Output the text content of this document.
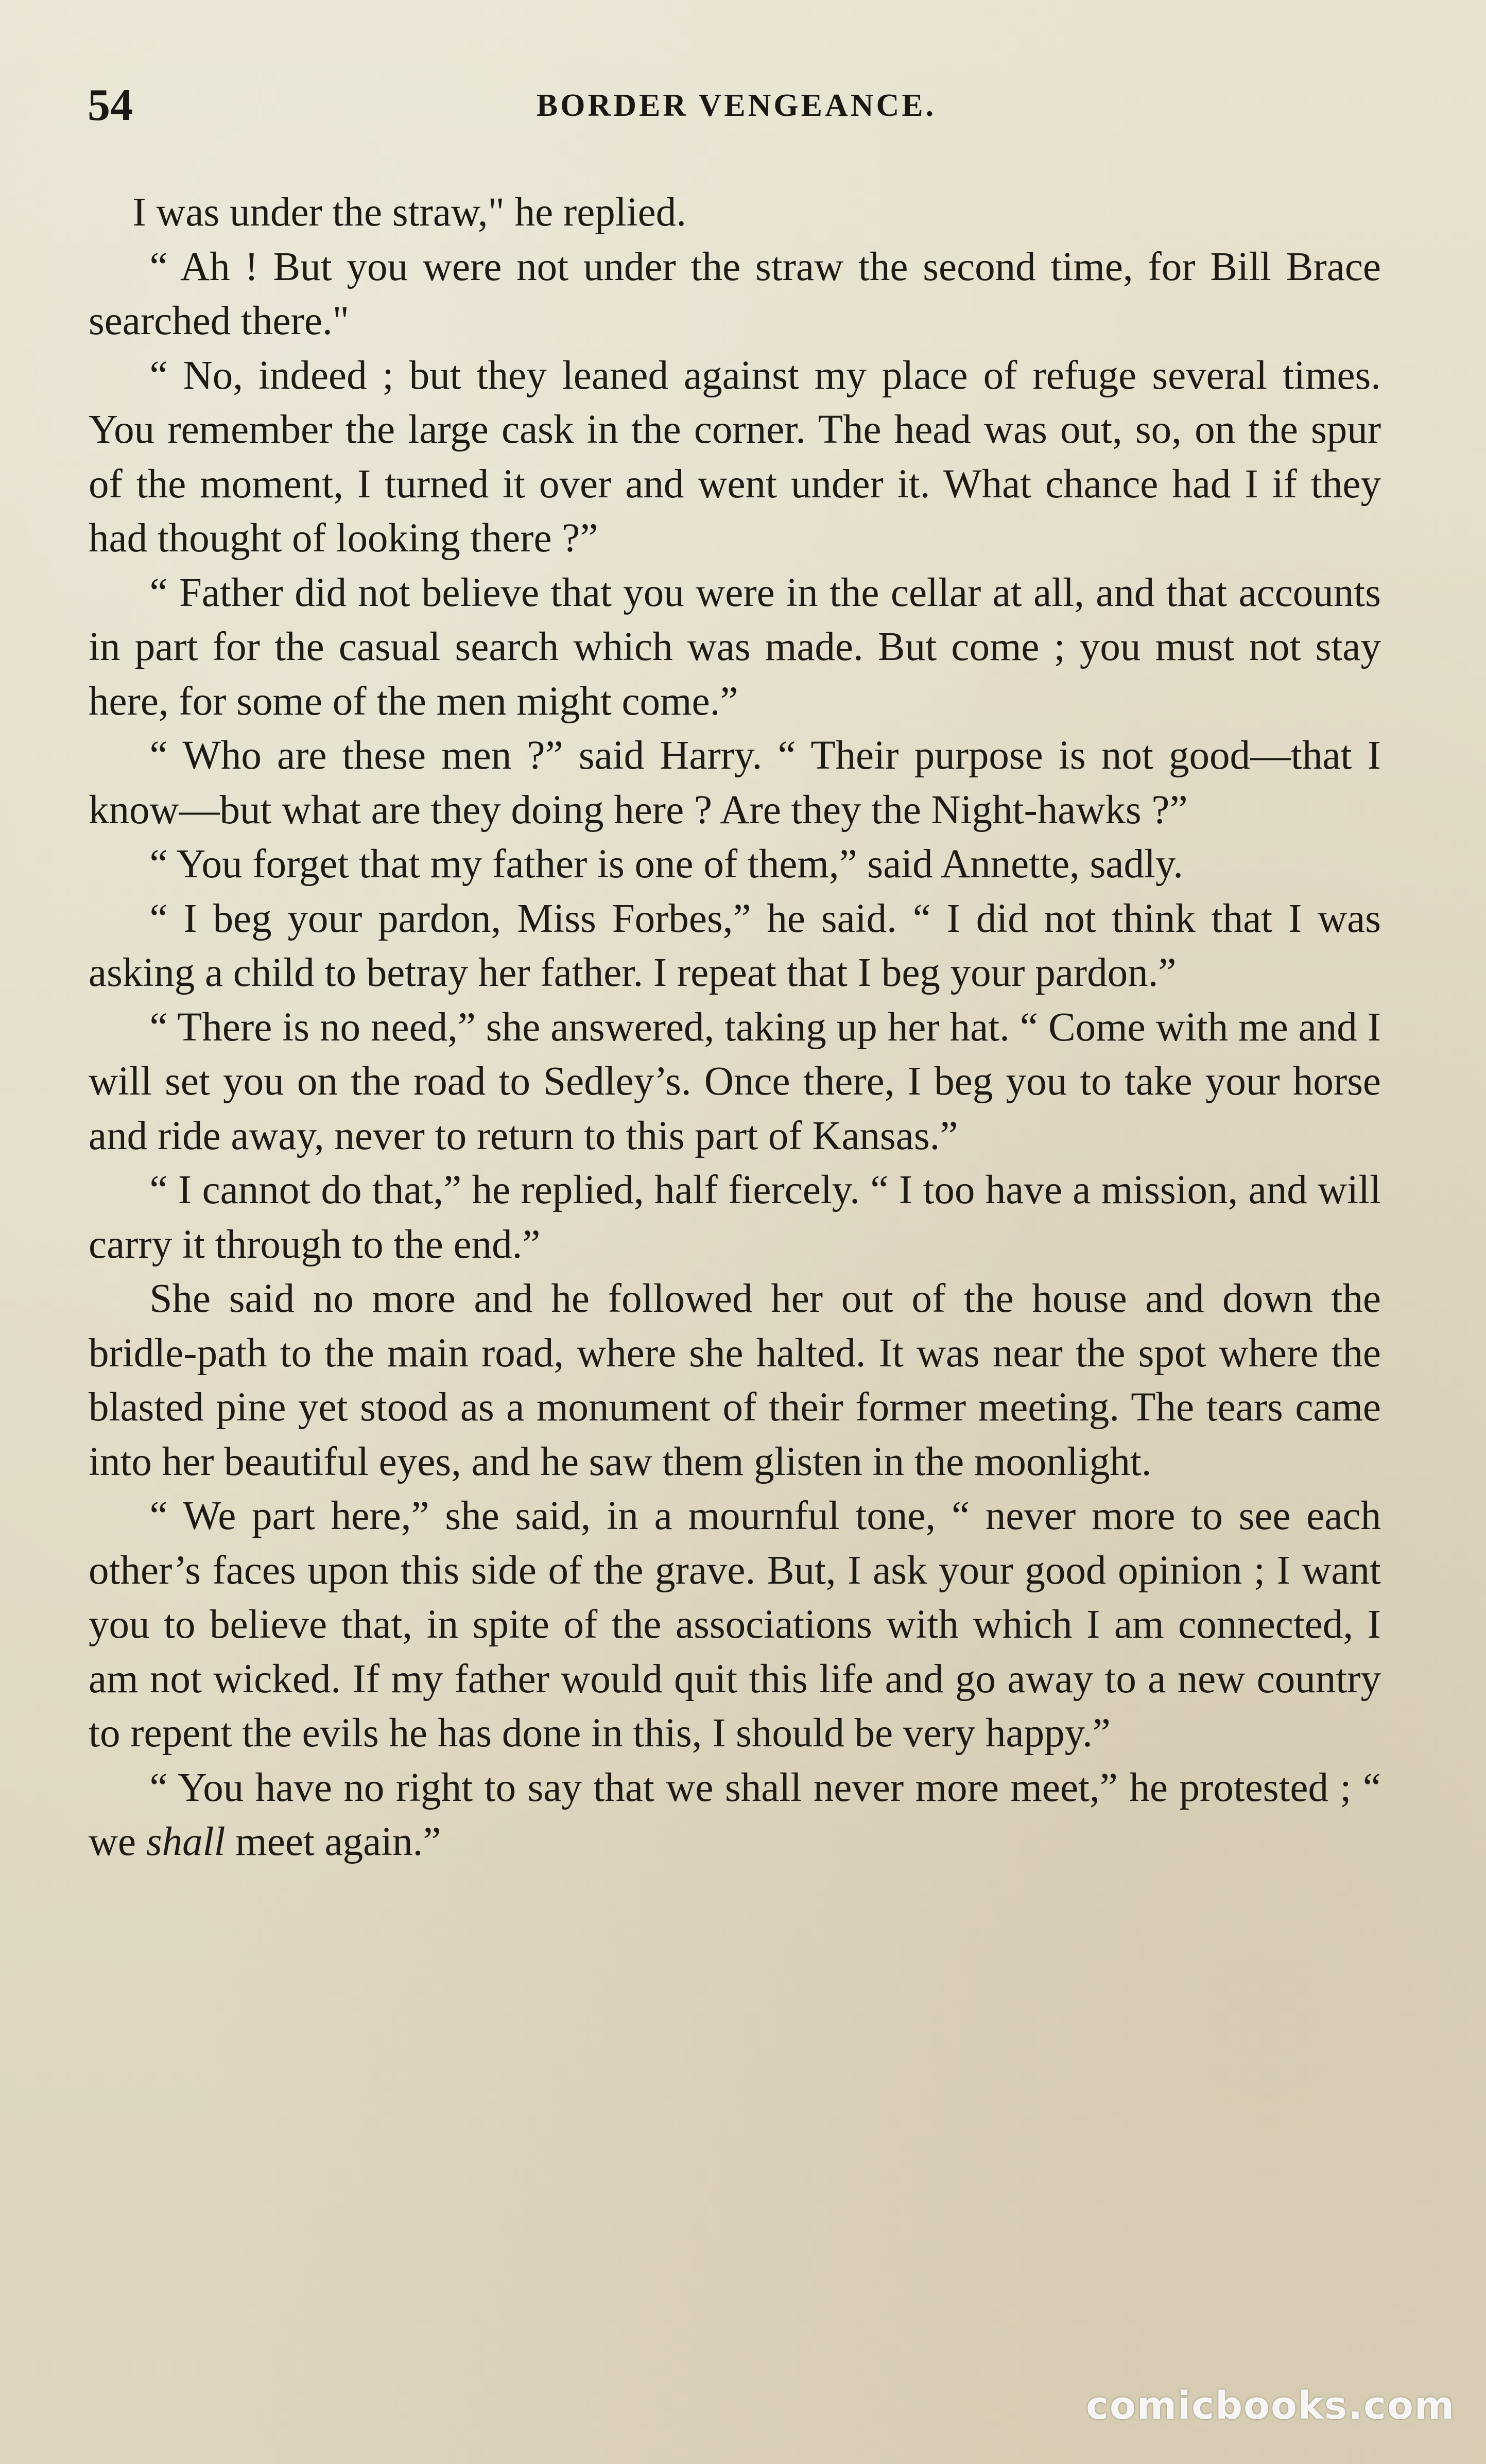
54	BORDER VENGEANCE.

I was under the straw," he replied.

“ Ah ! But you were not under the straw the second time, for Bill Brace searched there."

“ No, indeed ; but they leaned against my place of refuge several times. You remember the large cask in the corner. The head was out, so, on the spur of the moment, I turned it over and went under it. What chance had I if they had thought of looking there ?”

“ Father did not believe that you were in the cellar at all, and that accounts in part for the casual search which was made. But come ; you must not stay here, for some of the men might come.”

“ Who are these men ?” said Harry. “ Their purpose is not good—that I know—but what are they doing here ? Are they the Night-hawks ?”

“ You forget that my father is one of them,” said Annette, sadly.

“ I beg your pardon, Miss Forbes,” he said. “ I did not think that I was asking a child to betray her father. I repeat that I beg your pardon.”

“ There is no need,” she answered, taking up her hat. “ Come with me and I will set you on the road to Sedley’s. Once there, I beg you to take your horse and ride away, never to return to this part of Kansas.”

“ I cannot do that,” he replied, half fiercely. “ I too have a mission, and will carry it through to the end.”

She said no more and he followed her out of the house and down the bridle-path to the main road, where she halted. It was near the spot where the blasted pine yet stood as a monument of their former meeting. The tears came into her beautiful eyes, and he saw them glisten in the moonlight.

“ We part here,” she said, in a mournful tone, “ never more to see each other’s faces upon this side of the grave. But, I ask your good opinion ; I want you to believe that, in spite of the associations with which I am connected, I am not wicked. If my father would quit this life and go away to a new country to repent the evils he has done in this, I should be very happy.”

“ You have no right to say that we shall never more meet,” he protested ; “ we shall meet again.”

comicbooks.com
